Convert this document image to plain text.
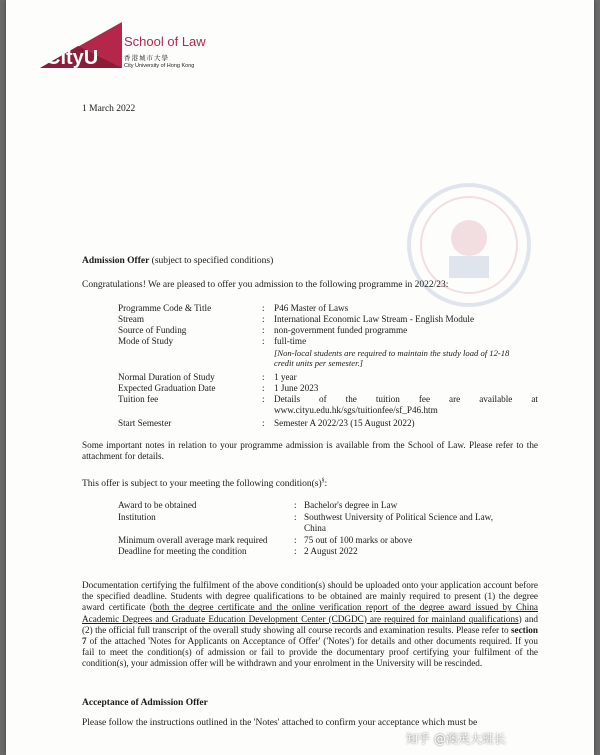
CityU
School of Law
香港城市大學
City University of Hong Kong
1 March 2022
Admission Offer (subject to specified conditions)
Congratulations! We are pleased to offer you admission to the following programme in 2022/23:
Programme Code & Title	: P46 Master of Laws
Stream	: International Economic Law Stream - English Module
Source of Funding	: non-government funded programme
Mode of Study	: full-time
[Non-local students are required to maintain the study load of 12-18
credit units per semester.]
Normal Duration of Study	: 1 year
Expected Graduation Date	: 1 June 2023
Tuition fee	: Details of the tuition fee are available at
www.cityu.edu.hk/sgs/tuitionfee/sf_P46.htm
Start Semester	: Semester A 2022/23 (15 August 2022)
Some important notes in relation to your programme admission is available from the School of Law. Please refer to the attachment for details.
This offer is subject to your meeting the following condition(s)§:
Award to be obtained	: Bachelor's degree in Law
Institution	: Southwest University of Political Science and Law,
China
Minimum overall average mark required	: 75 out of 100 marks or above
Deadline for meeting the condition	: 2 August 2022
Documentation certifying the fulfilment of the above condition(s) should be uploaded onto your application account before the specified deadline. Students with degree qualifications to be obtained are mainly required to present (1) the degree award certificate (both the degree certificate and the online verification report of the degree award issued by China Academic Degrees and Graduate Education Development Center (CDGDC) are required for mainland qualifications) and (2) the official full transcript of the overall study showing all course records and examination results. Please refer to section 7 of the attached 'Notes for Applicants on Acceptance of Offer' ('Notes') for details and other documents required. If you fail to meet the condition(s) of admission or fail to provide the documentary proof certifying your fulfilment of the condition(s), your admission offer will be withdrawn and your enrolment in the University will be rescinded.
Acceptance of Admission Offer
Please follow the instructions outlined in the 'Notes' attached to confirm your acceptance which must be
知乎 @澳英大班长
